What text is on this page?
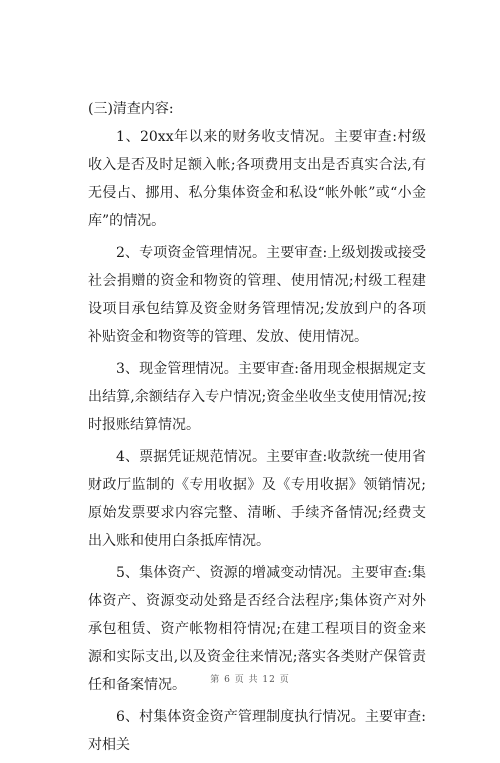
(三)清查内容:

1、20xx年以来的财务收支情况。主要审查:村级收入是否及时足额入帐;各项费用支出是否真实合法,有无侵占、挪用、私分集体资金和私设“帐外帐”或“小金库”的情况。

2、专项资金管理情况。主要审查:上级划拨或接受社会捐赠的资金和物资的管理、使用情况;村级工程建设项目承包结算及资金财务管理情况;发放到户的各项补贴资金和物资等的管理、发放、使用情况。

3、现金管理情况。主要审查:备用现金根据规定支出结算,余额结存入专户情况;资金坐收坐支使用情况;按时报账结算情况。

4、票据凭证规范情况。主要审查:收款统一使用省财政厅监制的《专用收据》及《专用收据》领销情况;原始发票要求内容完整、清晰、手续齐备情况;经费支出入账和使用白条抵库情况。

5、集体资产、资源的增减变动情况。主要审查:集体资产、资源变动处臵是否经合法程序;集体资产对外承包租赁、资产帐物相符情况;在建工程项目的资金来源和实际支出,以及资金往来情况;落实各类财产保管责任和备案情况。

6、村集体资金资产管理制度执行情况。主要审查:对相关

第 6 页 共 12 页
